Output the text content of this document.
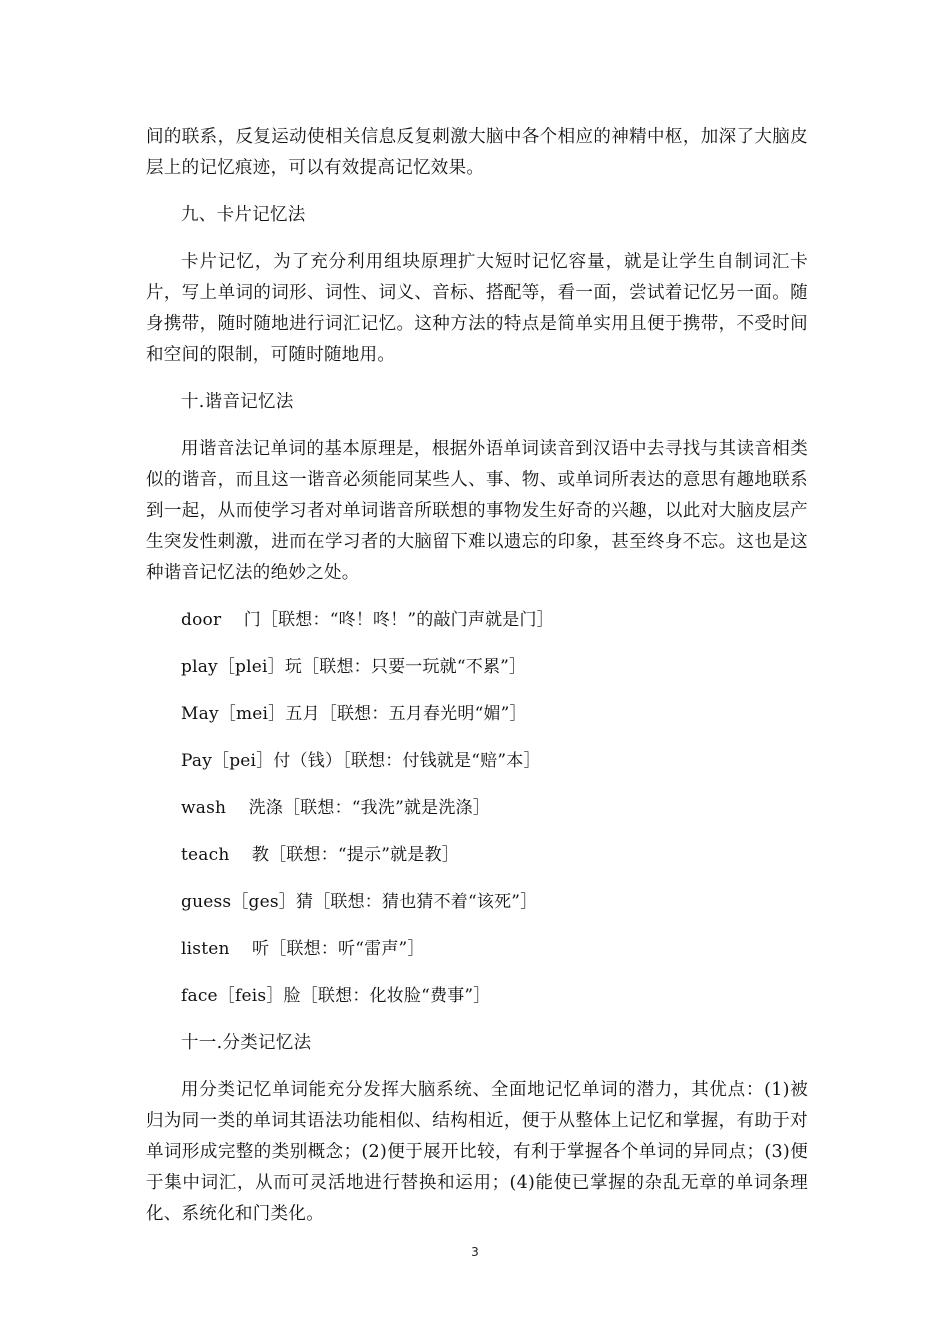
间的联系，反复运动使相关信息反复刺激大脑中各个相应的神精中枢，加深了大脑皮层上的记忆痕迹，可以有效提高记忆效果。

九、卡片记忆法

卡片记忆，为了充分利用组块原理扩大短时记忆容量，就是让学生自制词汇卡片，写上单词的词形、词性、词义、音标、搭配等，看一面，尝试着记忆另一面。随身携带，随时随地进行词汇记忆。这种方法的特点是简单实用且便于携带，不受时间和空间的限制，可随时随地用。

十.谐音记忆法

用谐音法记单词的基本原理是，根据外语单词读音到汉语中去寻找与其读音相类似的谐音，而且这一谐音必须能同某些人、事、物、或单词所表达的意思有趣地联系到一起，从而使学习者对单词谐音所联想的事物发生好奇的兴趣，以此对大脑皮层产生突发性刺激，进而在学习者的大脑留下难以遗忘的印象，甚至终身不忘。这也是这种谐音记忆法的绝妙之处。

door    门［联想：“咚！咚！”的敲门声就是门］

play［plei］玩［联想：只要一玩就“不累”］

May［mei］五月［联想：五月春光明“媚”］

Pay［pei］付（钱）［联想：付钱就是“赔”本］

wash    洗涤［联想：“我洗”就是洗涤］

teach    教［联想：“提示”就是教］

guess［ges］猜［联想：猜也猜不着“该死”］

listen    听［联想：听“雷声”］

face［feis］脸［联想：化妆脸“费事”］

十一.分类记忆法

用分类记忆单词能充分发挥大脑系统、全面地记忆单词的潜力，其优点：(1)被归为同一类的单词其语法功能相似、结构相近，便于从整体上记忆和掌握，有助于对单词形成完整的类别概念；(2)便于展开比较，有利于掌握各个单词的异同点；(3)便于集中词汇，从而可灵活地进行替换和运用；(4)能使已掌握的杂乱无章的单词条理化、系统化和门类化。

3
